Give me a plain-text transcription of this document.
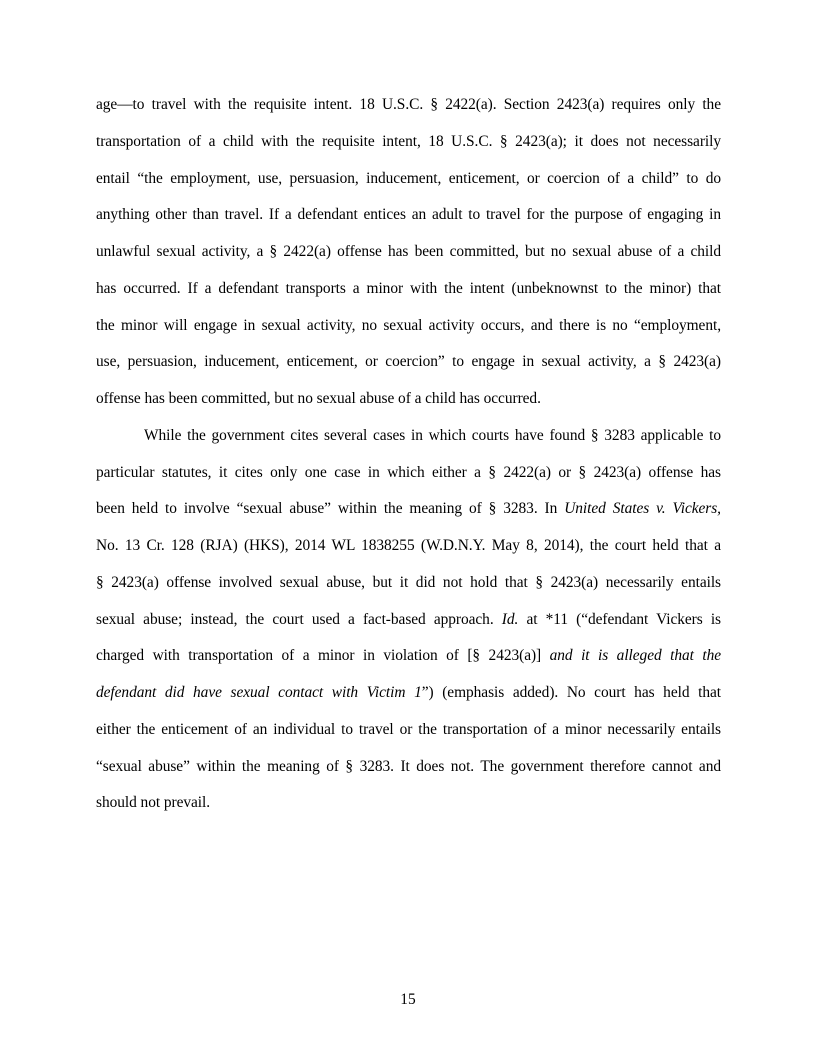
age—to travel with the requisite intent. 18 U.S.C. § 2422(a). Section 2423(a) requires only the
transportation of a child with the requisite intent, 18 U.S.C. § 2423(a); it does not necessarily
entail “the employment, use, persuasion, inducement, enticement, or coercion of a child” to do
anything other than travel. If a defendant entices an adult to travel for the purpose of engaging in
unlawful sexual activity, a § 2422(a) offense has been committed, but no sexual abuse of a child
has occurred. If a defendant transports a minor with the intent (unbeknownst to the minor) that
the minor will engage in sexual activity, no sexual activity occurs, and there is no “employment,
use, persuasion, inducement, enticement, or coercion” to engage in sexual activity, a § 2423(a)
offense has been committed, but no sexual abuse of a child has occurred.
While the government cites several cases in which courts have found § 3283 applicable to
particular statutes, it cites only one case in which either a § 2422(a) or § 2423(a) offense has
been held to involve “sexual abuse” within the meaning of § 3283. In United States v. Vickers,
No. 13 Cr. 128 (RJA) (HKS), 2014 WL 1838255 (W.D.N.Y. May 8, 2014), the court held that a
§ 2423(a) offense involved sexual abuse, but it did not hold that § 2423(a) necessarily entails
sexual abuse; instead, the court used a fact-based approach. Id. at *11 (“defendant Vickers is
charged with transportation of a minor in violation of [§ 2423(a)] and it is alleged that the
defendant did have sexual contact with Victim 1”) (emphasis added). No court has held that
either the enticement of an individual to travel or the transportation of a minor necessarily entails
“sexual abuse” within the meaning of § 3283. It does not. The government therefore cannot and
should not prevail.
15
